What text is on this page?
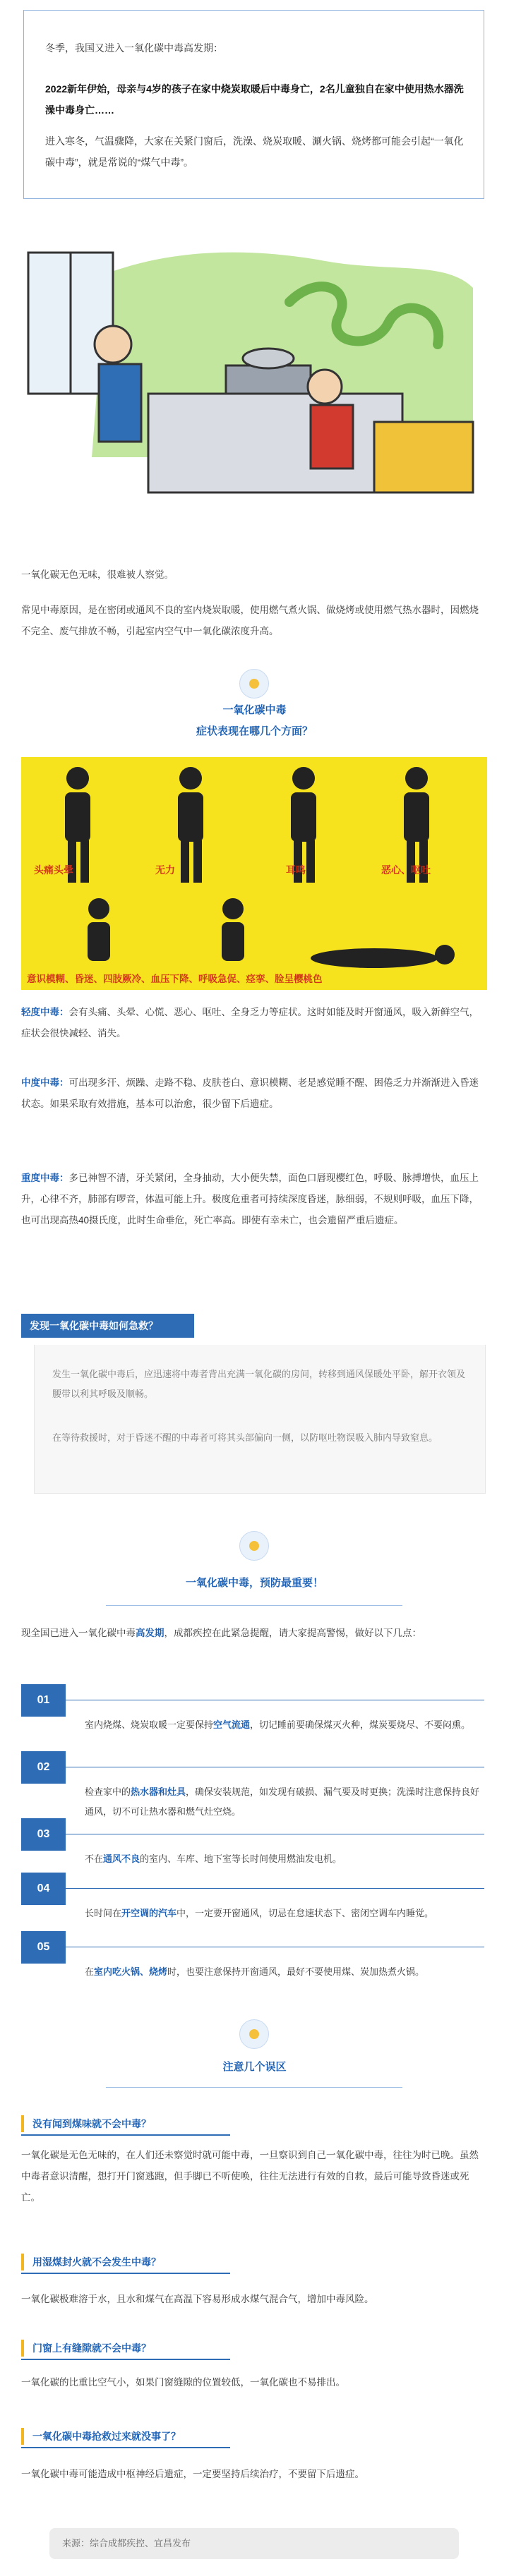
冬季，我国又进入一氧化碳中毒高发期：

2022新年伊始，母亲与4岁的孩子在家中烧炭取暖后中毒身亡，2名儿童独自在家中使用热水器洗澡中毒身亡……

进入寒冬，气温骤降，大家在关紧门窗后，洗澡、烧炭取暖、涮火锅、烧烤都可能会引起“一氧化碳中毒”，就是常说的“煤气中毒”。

一氧化碳无色无味，很难被人察觉。

常见中毒原因，是在密闭或通风不良的室内烧炭取暖，使用燃气煮火锅、做烧烤或使用燃气热水器时，因燃烧不完全、废气排放不畅，引起室内空气中一氧化碳浓度升高。

一氧化碳中毒
症状表现在哪几个方面？
头痛头晕	无力	耳鸣	恶心、呕吐
意识模糊、昏迷、四肢厥冷、血压下降、呼吸急促、痉挛、脸呈樱桃色

轻度中毒：会有头痛、头晕、心慌、恶心、呕吐、全身乏力等症状。这时如能及时开窗通风，吸入新鲜空气，症状会很快减轻、消失。

中度中毒：可出现多汗、烦躁、走路不稳、皮肤苍白、意识模糊、老是感觉睡不醒、困倦乏力并渐渐进入昏迷状态。如果采取有效措施，基本可以治愈，很少留下后遗症。

重度中毒：多已神智不清，牙关紧闭，全身抽动，大小便失禁，面色口唇现樱红色，呼吸、脉搏增快，血压上升，心律不齐，肺部有啰音，体温可能上升。极度危重者可持续深度昏迷，脉细弱，不规则呼吸，血压下降，也可出现高热40摄氏度，此时生命垂危，死亡率高。即使有幸未亡，也会遗留严重后遗症。

发现一氧化碳中毒如何急救？

发生一氧化碳中毒后，应迅速将中毒者背出充满一氧化碳的房间，转移到通风保暖处平卧，解开衣领及腰带以利其呼吸及顺畅。

在等待救援时，对于昏迷不醒的中毒者可将其头部偏向一侧，以防呕吐物误吸入肺内导致窒息。

一氧化碳中毒，预防最重要！

现全国已进入一氧化碳中毒高发期，成都疾控在此紧急提醒，请大家提高警惕，做好以下几点：

01

室内烧煤、烧炭取暖一定要保持空气流通，切记睡前要确保煤灭火种，煤炭要烧尽、不要闷熏。

02

检查家中的热水器和灶具，确保安装规范，如发现有破损、漏气要及时更换；洗澡时注意保持良好通风，切不可让热水器和燃气灶空烧。

03

不在通风不良的室内、车库、地下室等长时间使用燃油发电机。

04

长时间在开空调的汽车中，一定要开窗通风，切忌在怠速状态下、密闭空调车内睡觉。

05

在室内吃火锅、烧烤时，也要注意保持开窗通风，最好不要使用煤、炭加热煮火锅。

注意几个误区
没有闻到煤味就不会中毒？

一氧化碳是无色无味的，在人们还未察觉时就可能中毒，一旦察识到自己一氧化碳中毒，往往为时已晚。虽然中毒者意识清醒，想打开门窗逃跑，但手脚已不听使唤，往往无法进行有效的自救，最后可能导致昏迷或死亡。

用湿煤封火就不会发生中毒？

一氧化碳极难溶于水，且水和煤气在高温下容易形成水煤气混合气，增加中毒风险。

门窗上有缝隙就不会中毒？

一氧化碳的比重比空气小，如果门窗缝隙的位置较低，一氧化碳也不易排出。

一氧化碳中毒抢救过来就没事了？

一氧化碳中毒可能造成中枢神经后遗症，一定要坚持后续治疗，不要留下后遗症。

来源：综合成都疾控、宜昌发布
